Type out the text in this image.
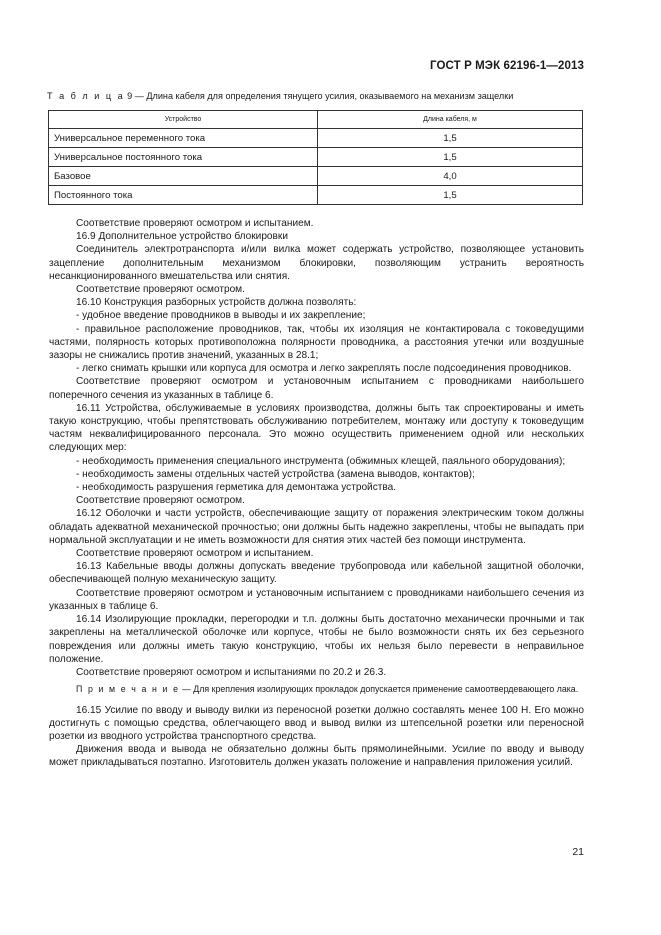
ГОСТ Р МЭК 62196-1—2013
Т а б л и ц а 9 — Длина кабеля для определения тянущего усилия, оказываемого на механизм защелки
Устройство	Длина кабеля, м
Универсальное переменного тока	1,5
Универсальное постоянного тока	1,5
Базовое	4,0
Постоянного тока	1,5

Соответствие проверяют осмотром и испытанием.

16.9 Дополнительное устройство блокировки

Соединитель электротранспорта и/или вилка может содержать устройство, позволяющее установить зацепление дополнительным механизмом блокировки, позволяющим устранить вероятность несанкционированного вмешательства или снятия.

Соответствие проверяют осмотром.

16.10 Конструкция разборных устройств должна позволять:

- удобное введение проводников в выводы и их закрепление;

- правильное расположение проводников, так, чтобы их изоляция не контактировала с токоведущими частями, полярность которых противоположна полярности проводника, а расстояния утечки или воздушные зазоры не снижались против значений, указанных в 28.1;

- легко снимать крышки или корпуса для осмотра и легко закреплять после подсоединения проводников.

Соответствие проверяют осмотром и установочным испытанием с проводниками наибольшего поперечного сечения из указанных в таблице 6.

16.11 Устройства, обслуживаемые в условиях производства, должны быть так спроектированы и иметь такую конструкцию, чтобы препятствовать обслуживанию потребителем, монтажу или доступу к токоведущим частям неквалифицированного персонала. Это можно осуществить применением одной или нескольких следующих мер:

- необходимость применения специального инструмента (обжимных клещей, паяльного оборудования);

- необходимость замены отдельных частей устройства (замена выводов, контактов);

- необходимость разрушения герметика для демонтажа устройства.

Соответствие проверяют осмотром.

16.12 Оболочки и части устройств, обеспечивающие защиту от поражения электрическим током должны обладать адекватной механической прочностью; они должны быть надежно закреплены, чтобы не выпадать при нормальной эксплуатации и не иметь возможности для снятия этих частей без помощи инструмента.

Соответствие проверяют осмотром и испытанием.

16.13 Кабельные вводы должны допускать введение трубопровода или кабельной защитной оболочки, обеспечивающей полную механическую защиту.

Соответствие проверяют осмотром и установочным испытанием с проводниками наибольшего сечения из указанных в таблице 6.

16.14 Изолирующие прокладки, перегородки и т.п. должны быть достаточно механически прочными и так закреплены на металлической оболочке или корпусе, чтобы не было возможности снять их без серьезного повреждения или должны иметь такую конструкцию, чтобы их нельзя было перевести в неправильное положение.

Соответствие проверяют осмотром и испытаниями по 20.2 и 26.3.

П р и м е ч а н и е — Для крепления изолирующих прокладок допускается применение самоотвердевающего лака.

16.15 Усилие по вводу и выводу вилки из переносной розетки должно составлять менее 100 Н. Его можно достигнуть с помощью средства, облегчающего ввод и вывод вилки из штепсельной розетки или переносной розетки из вводного устройства транспортного средства.

Движения ввода и вывода не обязательно должны быть прямолинейными. Усилие по вводу и выводу может прикладываться поэтапно. Изготовитель должен указать положение и направления приложения усилий.

21
